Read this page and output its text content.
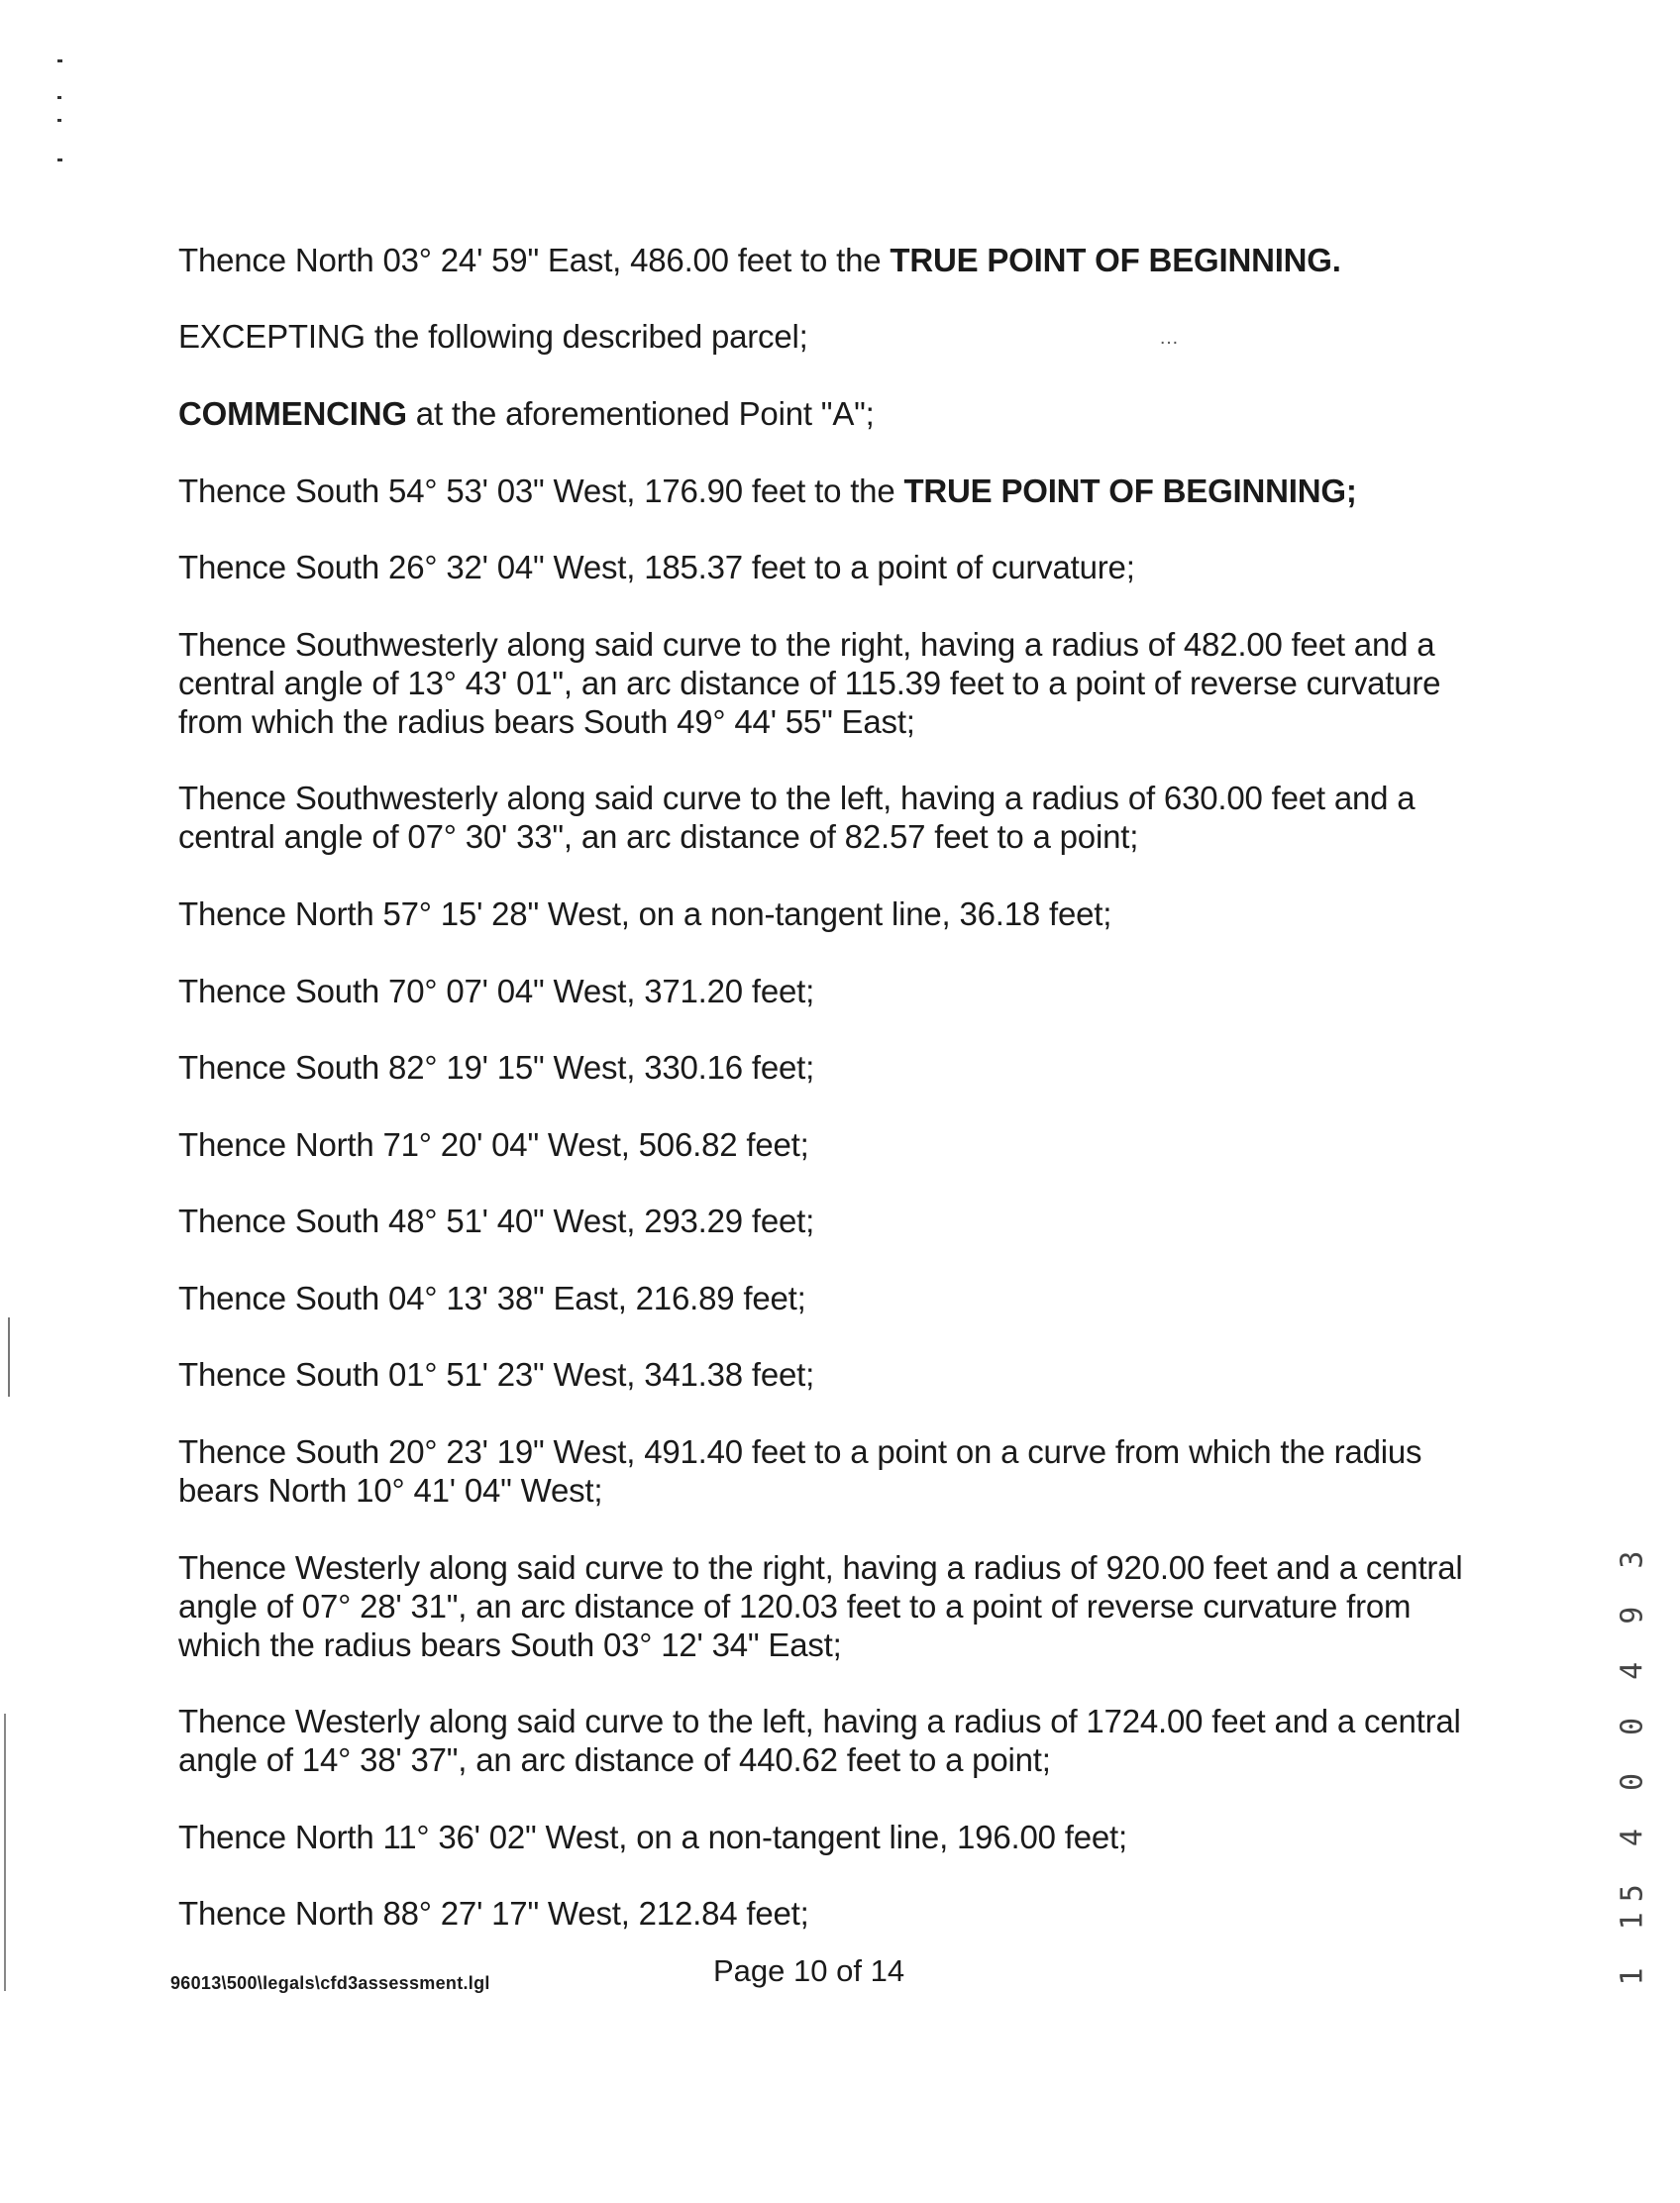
Thence North 03° 24' 59" East, 486.00 feet to the TRUE POINT OF BEGINNING.

EXCEPTING the following described parcel;	…

COMMENCING at the aforementioned Point "A";

Thence South 54° 53' 03" West, 176.90 feet to the TRUE POINT OF BEGINNING;

Thence South 26° 32' 04" West, 185.37 feet to a point of curvature;

Thence Southwesterly along said curve to the right, having a radius of 482.00 feet and a central angle of 13° 43' 01", an arc distance of 115.39 feet to a point of reverse curvature from which the radius bears South 49° 44' 55" East;

Thence Southwesterly along said curve to the left, having a radius of 630.00 feet and a central angle of 07° 30' 33", an arc distance of 82.57 feet to a point;

Thence North 57° 15' 28" West, on a non-tangent line, 36.18 feet;

Thence South 70° 07' 04" West, 371.20 feet;

Thence South 82° 19' 15" West, 330.16 feet;

Thence North 71° 20' 04" West, 506.82 feet;

Thence South 48° 51' 40" West, 293.29 feet;

Thence South 04° 13' 38" East, 216.89 feet;

Thence South 01° 51' 23" West, 341.38 feet;

Thence South 20° 23' 19" West, 491.40 feet to a point on a curve from which the radius bears North 10° 41' 04" West;

Thence Westerly along said curve to the right, having a radius of 920.00 feet and a central angle of 07° 28' 31", an arc distance of 120.03 feet to a point of reverse curvature from which the radius bears South 03° 12' 34" East;

Thence Westerly along said curve to the left, having a radius of 1724.00 feet and a central angle of 14° 38' 37", an arc distance of 440.62 feet to a point;

Thence North 11° 36' 02" West, on a non-tangent line, 196.00 feet;

Thence North 88° 27' 17" West, 212.84 feet;

96013\500\legals\cfd3assessment.lgl	Page 10 of 14	1 15 4 0 0 4 9 3
